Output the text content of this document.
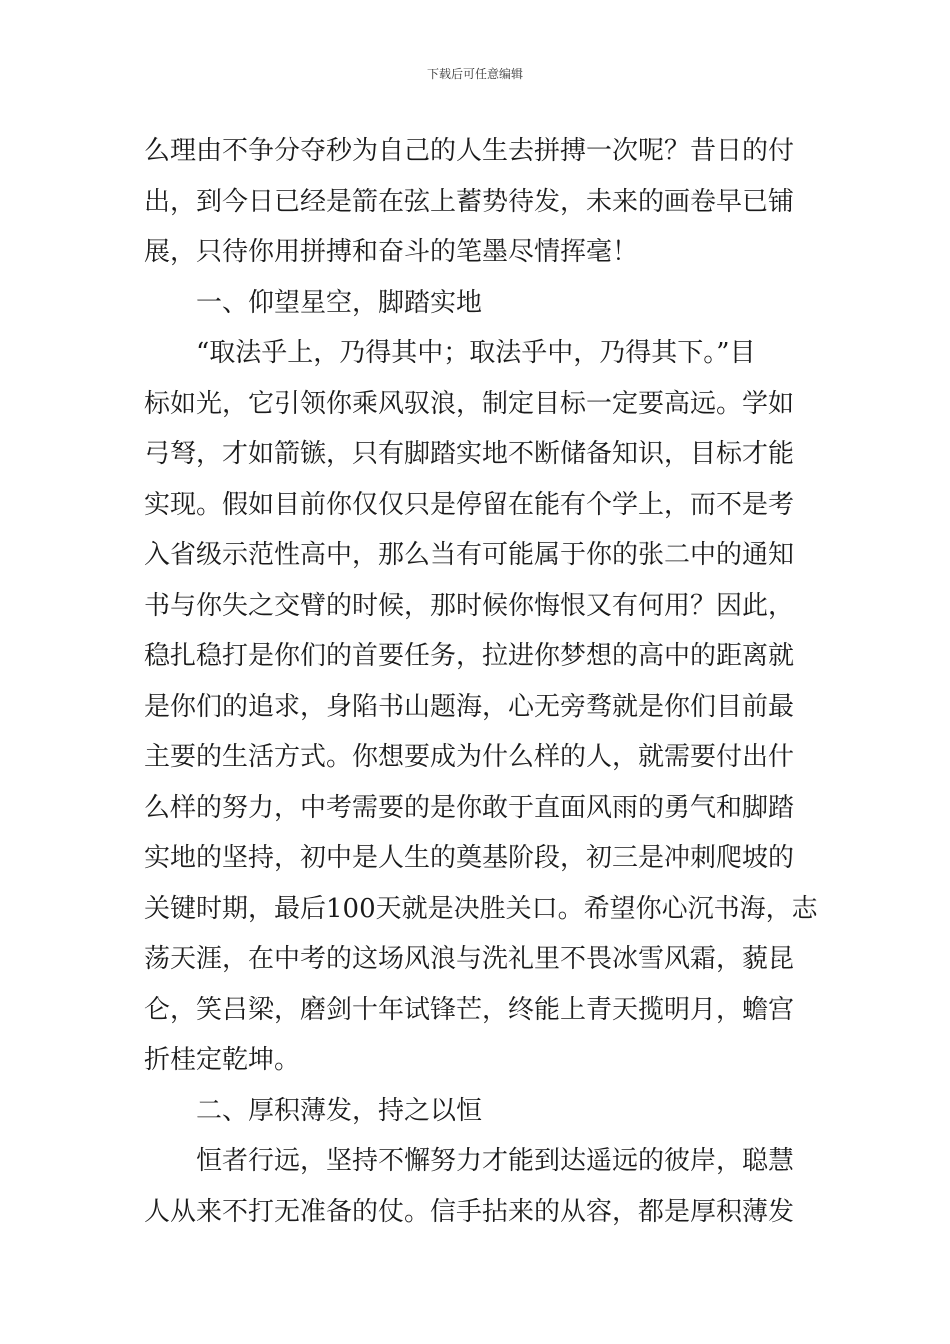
下载后可任意编辑
么理由不争分夺秒为自己的人生去拼搏一次呢？昔日的付
出，到今日已经是箭在弦上蓄势待发，未来的画卷早已铺
展，只待你用拼搏和奋斗的笔墨尽情挥毫！
一、仰望星空，脚踏实地
“取法乎上，乃得其中；取法乎中，乃得其下。”目
标如光，它引领你乘风驭浪，制定目标一定要高远。学如
弓弩，才如箭镞，只有脚踏实地不断储备知识，目标才能
实现。假如目前你仅仅只是停留在能有个学上，而不是考
入省级示范性高中，那么当有可能属于你的张二中的通知
书与你失之交臂的时候，那时候你悔恨又有何用？因此，
稳扎稳打是你们的首要任务，拉进你梦想的高中的距离就
是你们的追求，身陷书山题海，心无旁骛就是你们目前最
主要的生活方式。你想要成为什么样的人，就需要付出什
么样的努力，中考需要的是你敢于直面风雨的勇气和脚踏
实地的坚持，初中是人生的奠基阶段，初三是冲刺爬坡的
关键时期，最后100天就是决胜关口。希望你心沉书海，志
荡天涯，在中考的这场风浪与洗礼里不畏冰雪风霜，藐昆
仑，笑吕梁，磨剑十年试锋芒，终能上青天揽明月，蟾宫
折桂定乾坤。
二、厚积薄发，持之以恒
恒者行远，坚持不懈努力才能到达遥远的彼岸，聪慧
人从来不打无准备的仗。信手拈来的从容，都是厚积薄发
